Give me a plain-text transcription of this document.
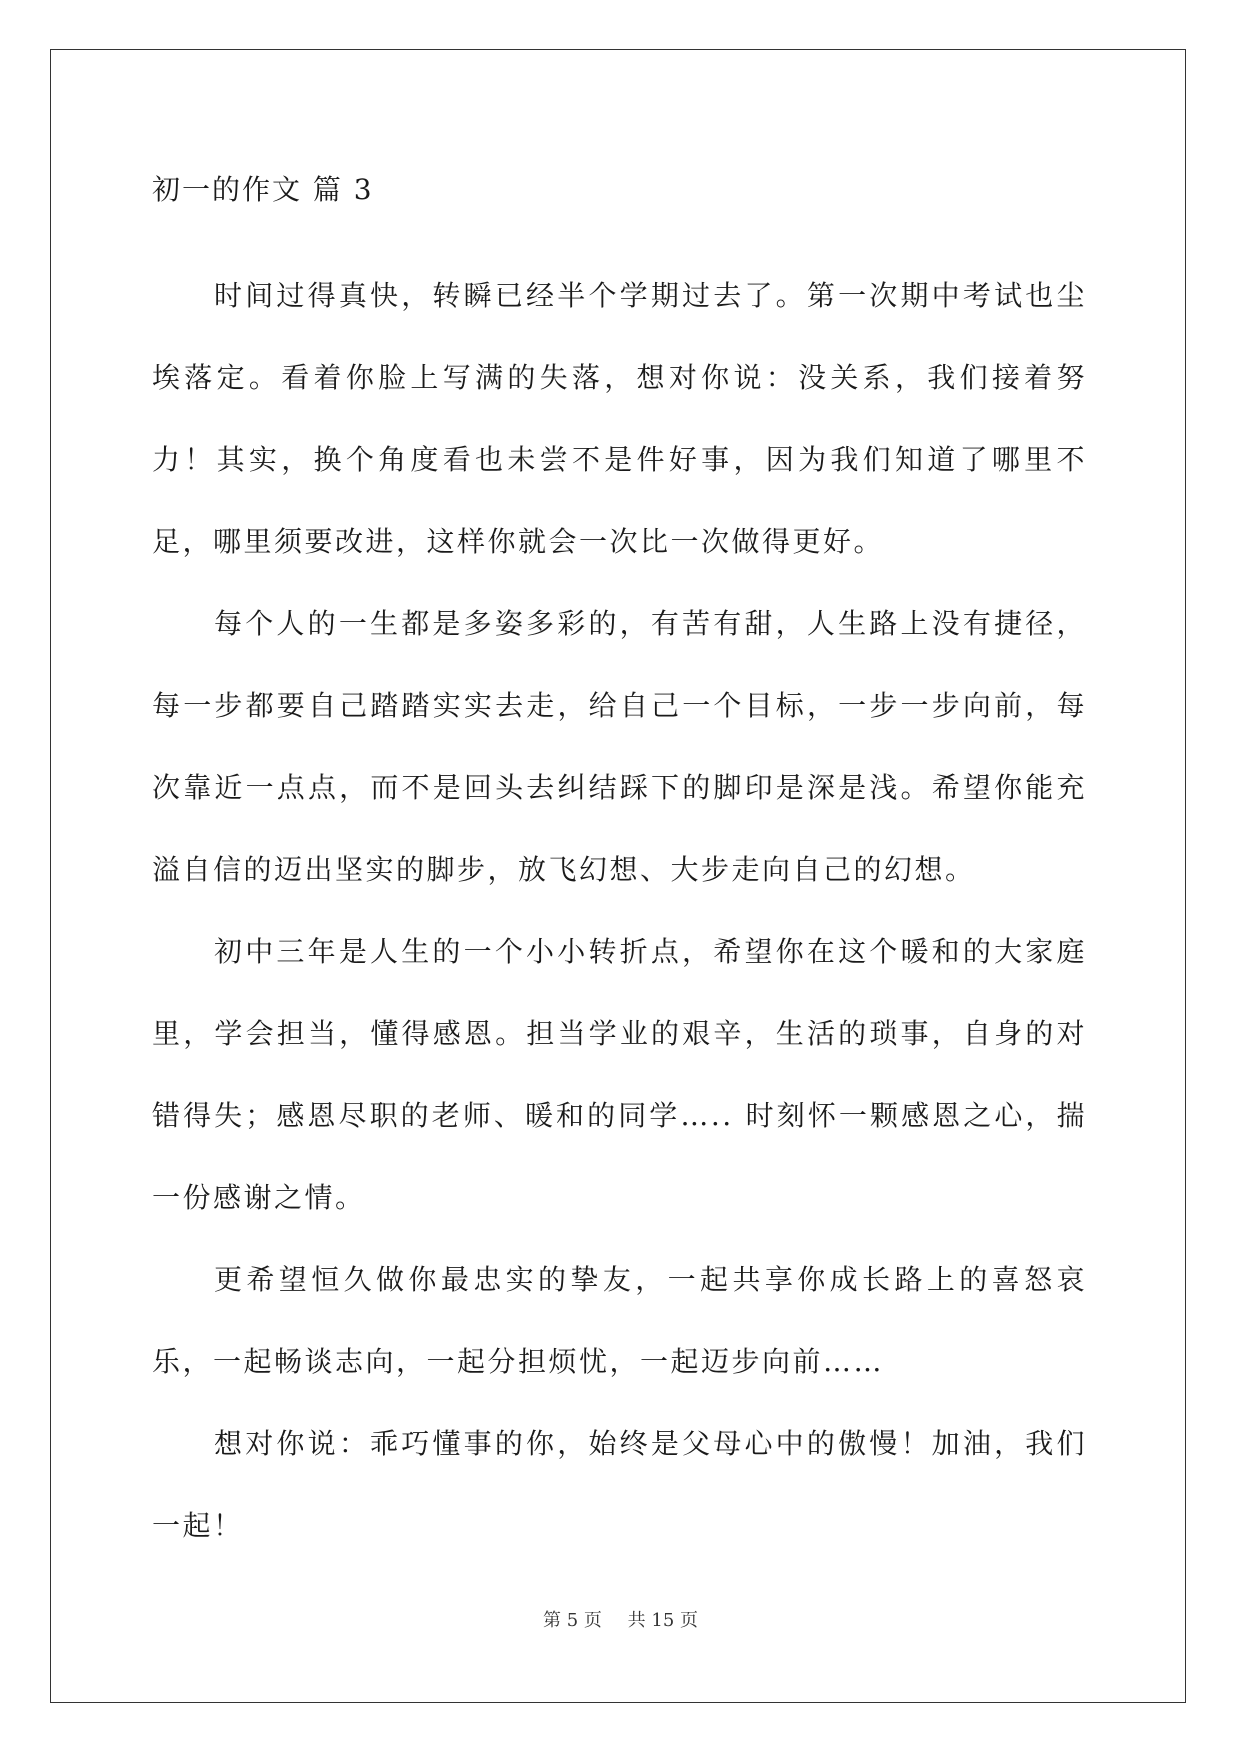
初一的作文 篇 3

时间过得真快，转瞬已经半个学期过去了。第一次期中考试也尘埃落定。看着你脸上写满的失落，想对你说：没关系，我们接着努力！其实，换个角度看也未尝不是件好事，因为我们知道了哪里不足，哪里须要改进，这样你就会一次比一次做得更好。

每个人的一生都是多姿多彩的，有苦有甜，人生路上没有捷径，每一步都要自己踏踏实实去走，给自己一个目标，一步一步向前，每次靠近一点点，而不是回头去纠结踩下的脚印是深是浅。希望你能充溢自信的迈出坚实的脚步，放飞幻想、大步走向自己的幻想。

初中三年是人生的一个小小转折点，希望你在这个暖和的大家庭里，学会担当，懂得感恩。担当学业的艰辛，生活的琐事，自身的对错得失；感恩尽职的老师、暖和的同学….. 时刻怀一颗感恩之心，揣一份感谢之情。

更希望恒久做你最忠实的挚友，一起共享你成长路上的喜怒哀乐，一起畅谈志向，一起分担烦忧，一起迈步向前……

想对你说：乖巧懂事的你，始终是父母心中的傲慢！加油，我们一起！

第 5 页 共 15 页
